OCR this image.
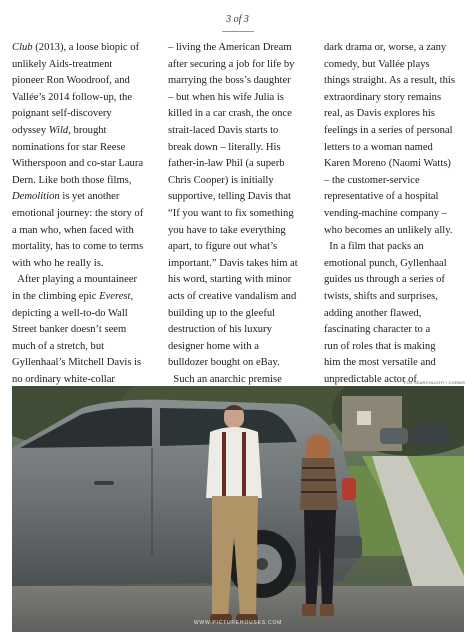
3 of 3
Club (2013), a loose biopic of
unlikely Aids-treatment
pioneer Ron Woodroof, and
Vallée’s 2014 follow-up, the
poignant self-discovery
odyssey Wild, brought
nominations for star Reese
Witherspoon and co-star Laura
Dern. Like both those films,
Demolition is yet another
emotional journey: the story of
a man who, when faced with
mortality, has to come to terms
with who he really is.
After playing a mountaineer
in the climbing epic Everest,
depicting a well-to-do Wall
Street banker doesn’t seem
much of a stretch, but
Gyllenhaal’s Mitchell Davis is
no ordinary white-collar
– living the American Dream
after securing a job for life by
marrying the boss’s daughter
– but when his wife Julia is
killed in a car crash, the once
strait-laced Davis starts to
break down – literally. His
father-in-law Phil (a superb
Chris Cooper) is initially
supportive, telling Davis that
“If you want to fix something
you have to take everything
apart, to figure out what’s
important.” Davis takes him at
his word, starting with minor
acts of creative vandalism and
building up to the gleeful
destruction of his luxury
designer home with a
bulldozer bought on eBay.
Such an anarchic premise
dark drama or, worse, a zany
comedy, but Vallée plays
things straight. As a result, this
extraordinary story remains
real, as Davis explores his
feelings in a series of personal
letters to a woman named
Karen Moreno (Naomi Watts)
– the customer-service
representative of a hospital
vending-machine company –
who becomes an unlikely ally.
In a film that packs an
emotional punch, Gyllenhaal
guides us through a series of
twists, shifts and surprises,
adding another flawed,
fascinating character to a
run of roles that is making
him the most versatile and
unpredictable actor of
FOX SEARCHLIGHT / CORBIS
WWW.PICTUREHOUSES.COM
